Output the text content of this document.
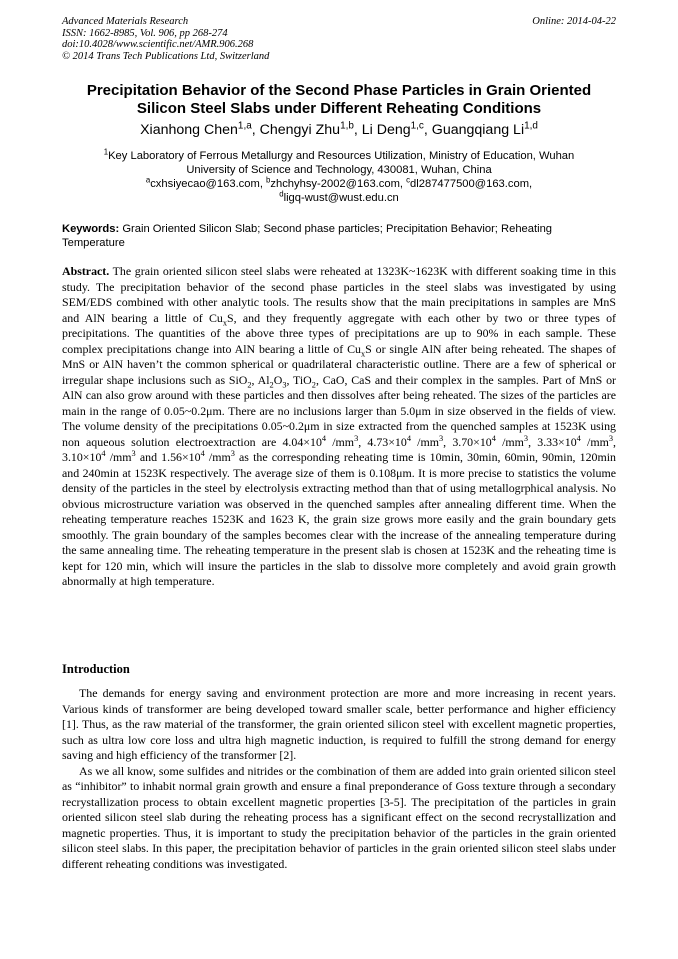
Advanced Materials Research
ISSN: 1662-8985, Vol. 906, pp 268-274
doi:10.4028/www.scientific.net/AMR.906.268
© 2014 Trans Tech Publications Ltd, Switzerland
Online: 2014-04-22
Precipitation Behavior of the Second Phase Particles in Grain Oriented
Silicon Steel Slabs under Different Reheating Conditions
Xianhong Chen$^{1,a}$, Chengyi Zhu$^{1,b}$, Li Deng$^{1,c}$, Guangqiang Li$^{1,d}$
$^1$Key Laboratory of Ferrous Metallurgy and Resources Utilization, Ministry of Education, Wuhan
University of Science and Technology, 430081, Wuhan, China
$^a$cxhsiyecao@163.com, $^b$zhchyhsy-2002@163.com, $^c$dl287477500@163.com,
$^d$ligq-wust@wust.edu.cn
Keywords: Grain Oriented Silicon Slab; Second phase particles; Precipitation Behavior; Reheating Temperature
Abstract. The grain oriented silicon steel slabs were reheated at 1323K~1623K with different soaking time in this study. The precipitation behavior of the second phase particles in the steel slabs was investigated by using SEM/EDS combined with other analytic tools. The results show that the main precipitations in samples are MnS and AlN bearing a little of $Cu_xS$, and they frequently aggregate with each other by two or three types of precipitations. The quantities of the above three types of precipitations are up to 90% in each sample. These complex precipitations change into AlN bearing a little of $Cu_xS$ or single AlN after being reheated. The shapes of MnS or AlN haven’t the common spherical or quadrilateral characteristic outline. There are a few of spherical or irregular shape inclusions such as SiO$_2$, $Al_2O_3$, TiO$_2$, CaO, CaS and their complex in the samples. Part of MnS or AlN can also grow around with these particles and then dissolves after being reheated. The sizes of the particles are main in the range of 0.05~0.2μm. There are no inclusions larger than 5.0μm in size observed in the fields of view. The volume density of the precipitations 0.05~0.2μm in size extracted from the quenched samples at 1523K using non aqueous solution electroextraction are $4.04\times 10^4$ $/mm^3$, $4.73\times 10^4$ $/mm^3$, $3.70\times 10^4$ $/mm^3$, $3.33\times 10^4$ $/mm^3$, $3.10\times 10^4$ $/mm^3$ and $1.56\times 10^4$ $/mm^3$ as the corresponding reheating time is 10min, 30min, 60min, 90min, 120min and 240min at 1523K respectively. The average size of them is 0.108μm. It is more precise to statistics the volume density of the particles in the steel by electrolysis extracting method than that of using metallogrphical analysis. No obvious microstructure variation was observed in the quenched samples after annealing different time. When the reheating temperature reaches 1523K and 1623 K, the grain size grows more easily and the grain boundary gets smoothly. The grain boundary of the samples becomes clear with the increase of the annealing temperature during the same annealing time. The reheating temperature in the present slab is chosen at 1523K and the reheating time is kept for 120 min, which will insure the particles in the slab to dissolve more completely and avoid grain growth abnormally at high temperature.
Introduction

The demands for energy saving and environment protection are more and more increasing in recent years. Various kinds of transformer are being developed toward smaller scale, better performance and higher efficiency [1]. Thus, as the raw material of the transformer, the grain oriented silicon steel with excellent magnetic properties, such as ultra low core loss and ultra high magnetic induction, is required to fulfill the strong demand for energy saving and high efficiency of the transformer [2].

As we all know, some sulfides and nitrides or the combination of them are added into grain oriented silicon steel as “inhibitor” to inhabit normal grain growth and ensure a final preponderance of Goss texture through a secondary recrystallization process to obtain excellent magnetic properties [3-5]. The precipitation of the particles in grain oriented silicon steel slab during the reheating process has a significant effect on the second recrystallization and magnetic properties. Thus, it is important to study the precipitation behavior of the particles in the grain oriented silicon steel slabs. In this paper, the precipitation behavior of particles in the grain oriented silicon steel slabs under different reheating conditions was investigated.
